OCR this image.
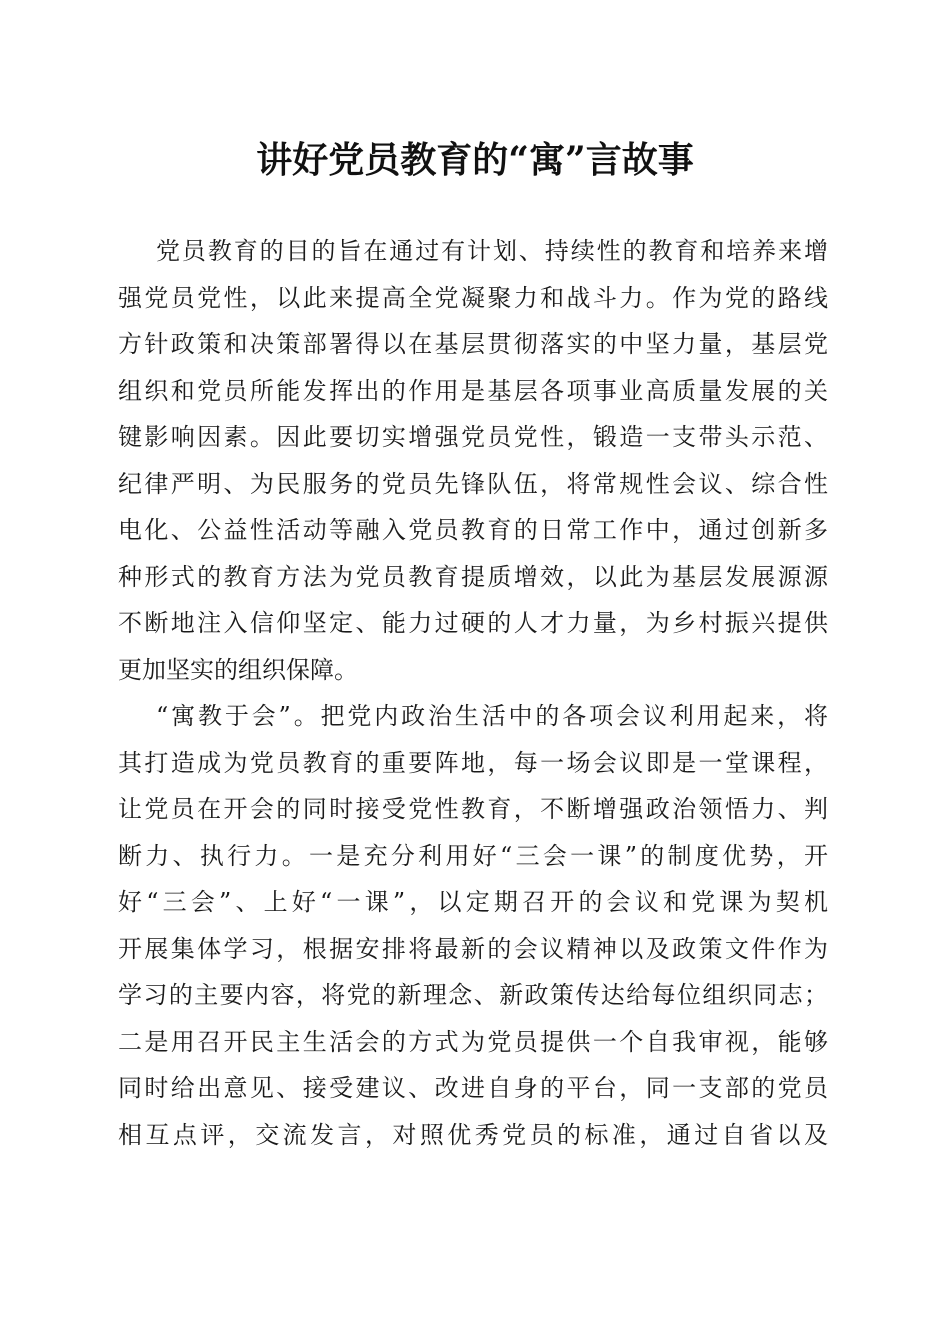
讲好党员教育的“寓”言故事
党员教育的目的旨在通过有计划、持续性的教育和培养来增
强党员党性，以此来提高全党凝聚力和战斗力。作为党的路线
方针政策和决策部署得以在基层贯彻落实的中坚力量，基层党
组织和党员所能发挥出的作用是基层各项事业高质量发展的关
键影响因素。因此要切实增强党员党性，锻造一支带头示范、
纪律严明、为民服务的党员先锋队伍，将常规性会议、综合性
电化、公益性活动等融入党员教育的日常工作中，通过创新多
种形式的教育方法为党员教育提质增效，以此为基层发展源源
不断地注入信仰坚定、能力过硬的人才力量，为乡村振兴提供
更加坚实的组织保障。
“寓教于会”。把党内政治生活中的各项会议利用起来，将
其打造成为党员教育的重要阵地，每一场会议即是一堂课程，
让党员在开会的同时接受党性教育，不断增强政治领悟力、判
断力、执行力。一是充分利用好“三会一课”的制度优势，开
好“三会”、上好“一课”，以定期召开的会议和党课为契机
开展集体学习，根据安排将最新的会议精神以及政策文件作为
学习的主要内容，将党的新理念、新政策传达给每位组织同志；
二是用召开民主生活会的方式为党员提供一个自我审视，能够
同时给出意见、接受建议、改进自身的平台，同一支部的党员
相互点评，交流发言，对照优秀党员的标准，通过自省以及
